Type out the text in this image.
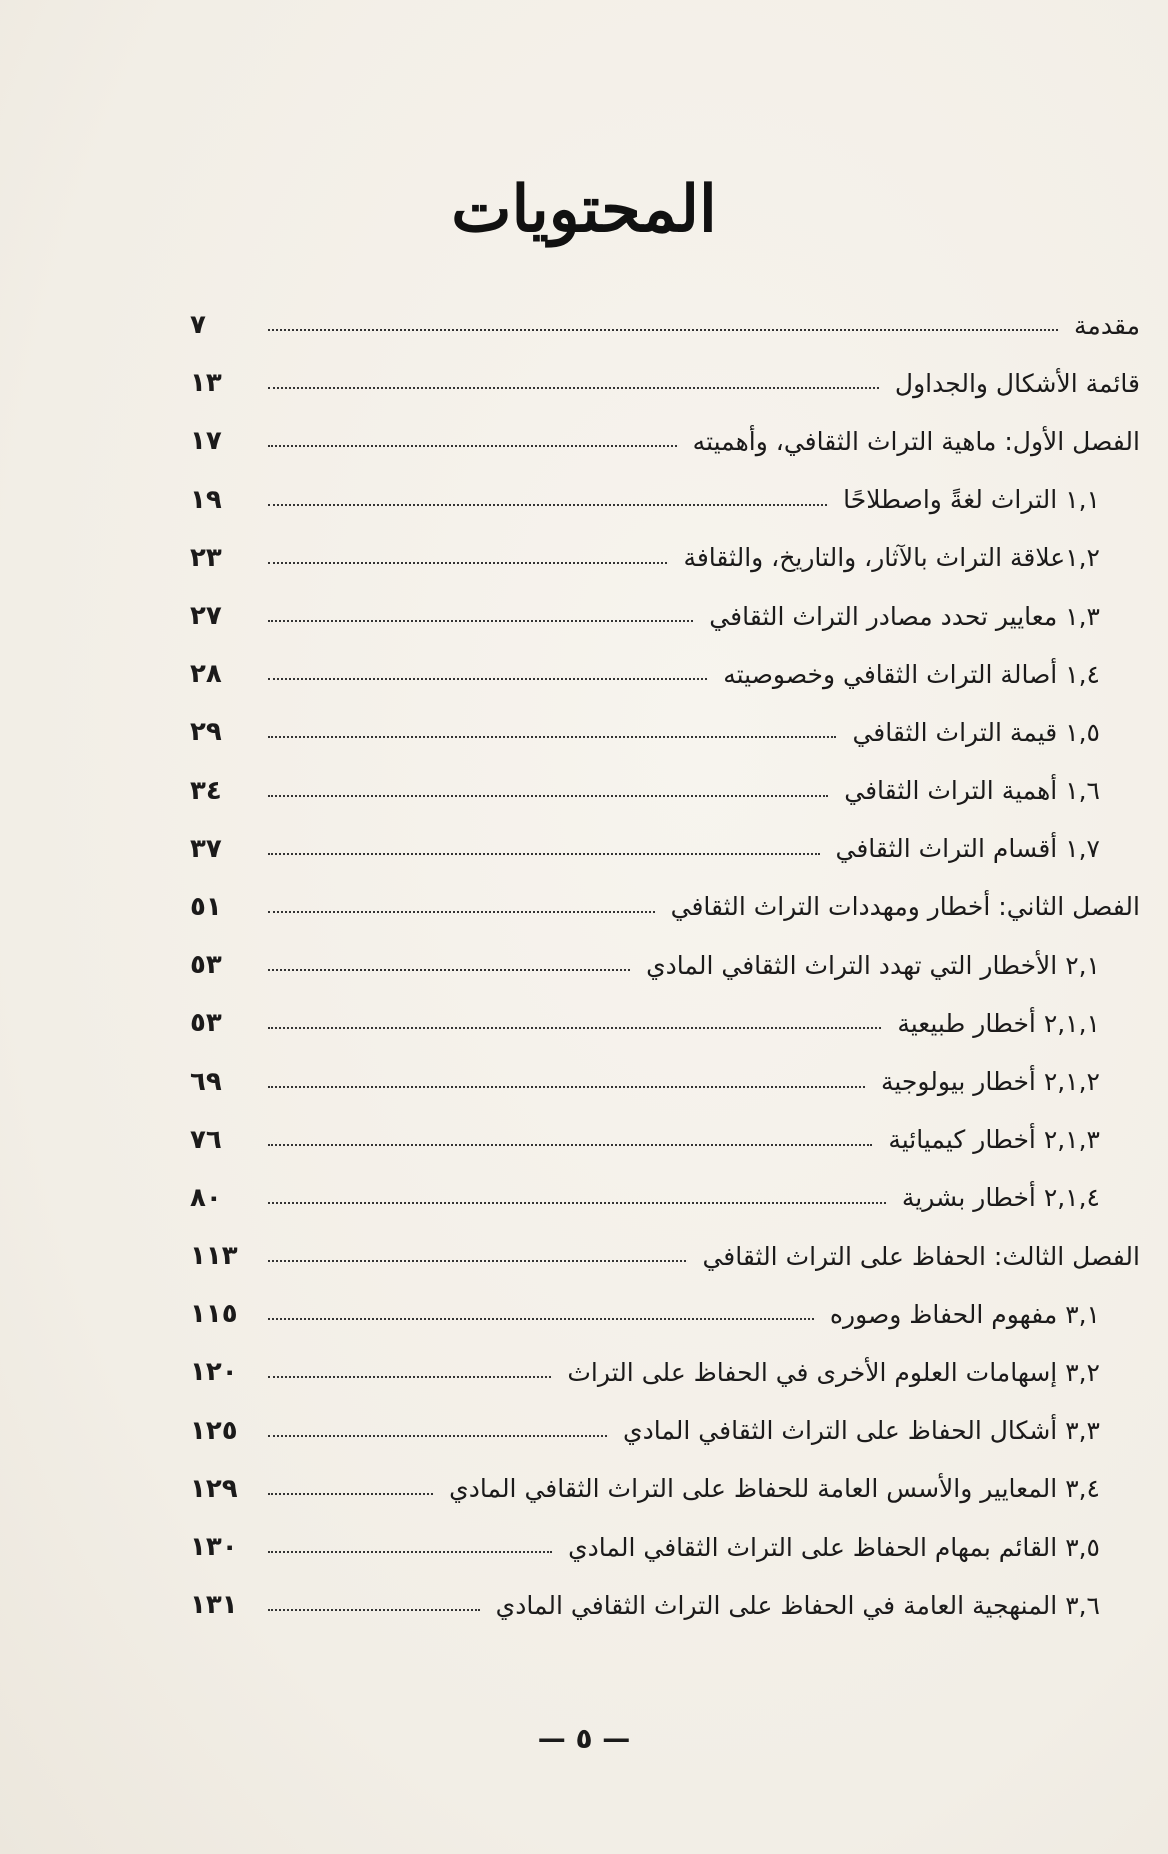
المحتويات
مقدمة
٧
قائمة الأشكال والجداول
١٣
الفصل الأول: ماهية التراث الثقافي، وأهميته
١٧
١,١ التراث لغةً واصطلاحًا
١٩
١,٢علاقة التراث بالآثار، والتاريخ، والثقافة
٢٣
١,٣ معايير تحدد مصادر التراث الثقافي
٢٧
١,٤ أصالة التراث الثقافي وخصوصيته
٢٨
١,٥ قيمة التراث الثقافي
٢٩
١,٦ أهمية التراث الثقافي
٣٤
١,٧ أقسام التراث الثقافي
٣٧
الفصل الثاني: أخطار ومهددات التراث الثقافي
٥١
٢,١ الأخطار التي تهدد التراث الثقافي المادي
٥٣
٢,١,١ أخطار طبيعية
٥٣
٢,١,٢ أخطار بيولوجية
٦٩
٢,١,٣ أخطار كيميائية
٧٦
٢,١,٤ أخطار بشرية
٨٠
الفصل الثالث: الحفاظ على التراث الثقافي
١١٣
٣,١ مفهوم الحفاظ وصوره
١١٥
٣,٢ إسهامات العلوم الأخرى في الحفاظ على التراث
١٢٠
٣,٣ أشكال الحفاظ على التراث الثقافي المادي
١٢٥
٣,٤ المعايير والأسس العامة للحفاظ على التراث الثقافي المادي
١٢٩
٣,٥ القائم بمهام الحفاظ على التراث الثقافي المادي
١٣٠
٣,٦ المنهجية العامة في الحفاظ على التراث الثقافي المادي
١٣١
— ٥ —
